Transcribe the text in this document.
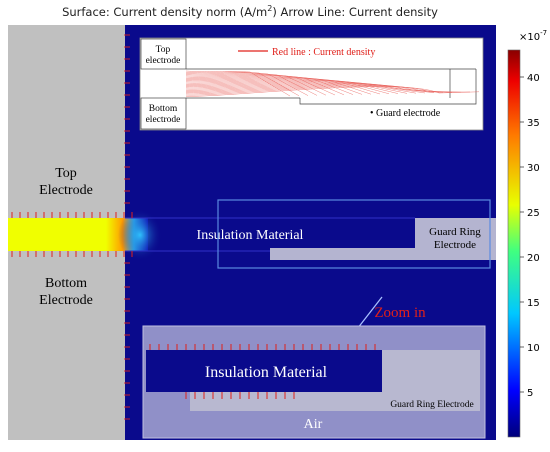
Surface: Current density norm $(A/m^2)$ Arrow Line: Current density
Top Electrode
Bottom Electrode
Insulation Material	Guard Ring Electrode
Top electrode
Bottom electrode
Red line : Current density
• Guard electrode
Zoom in
Insulation Material
Guard Ring Electrode
Air
$\times 10^{-7}$
5
10
15
20
25
30
35
40
